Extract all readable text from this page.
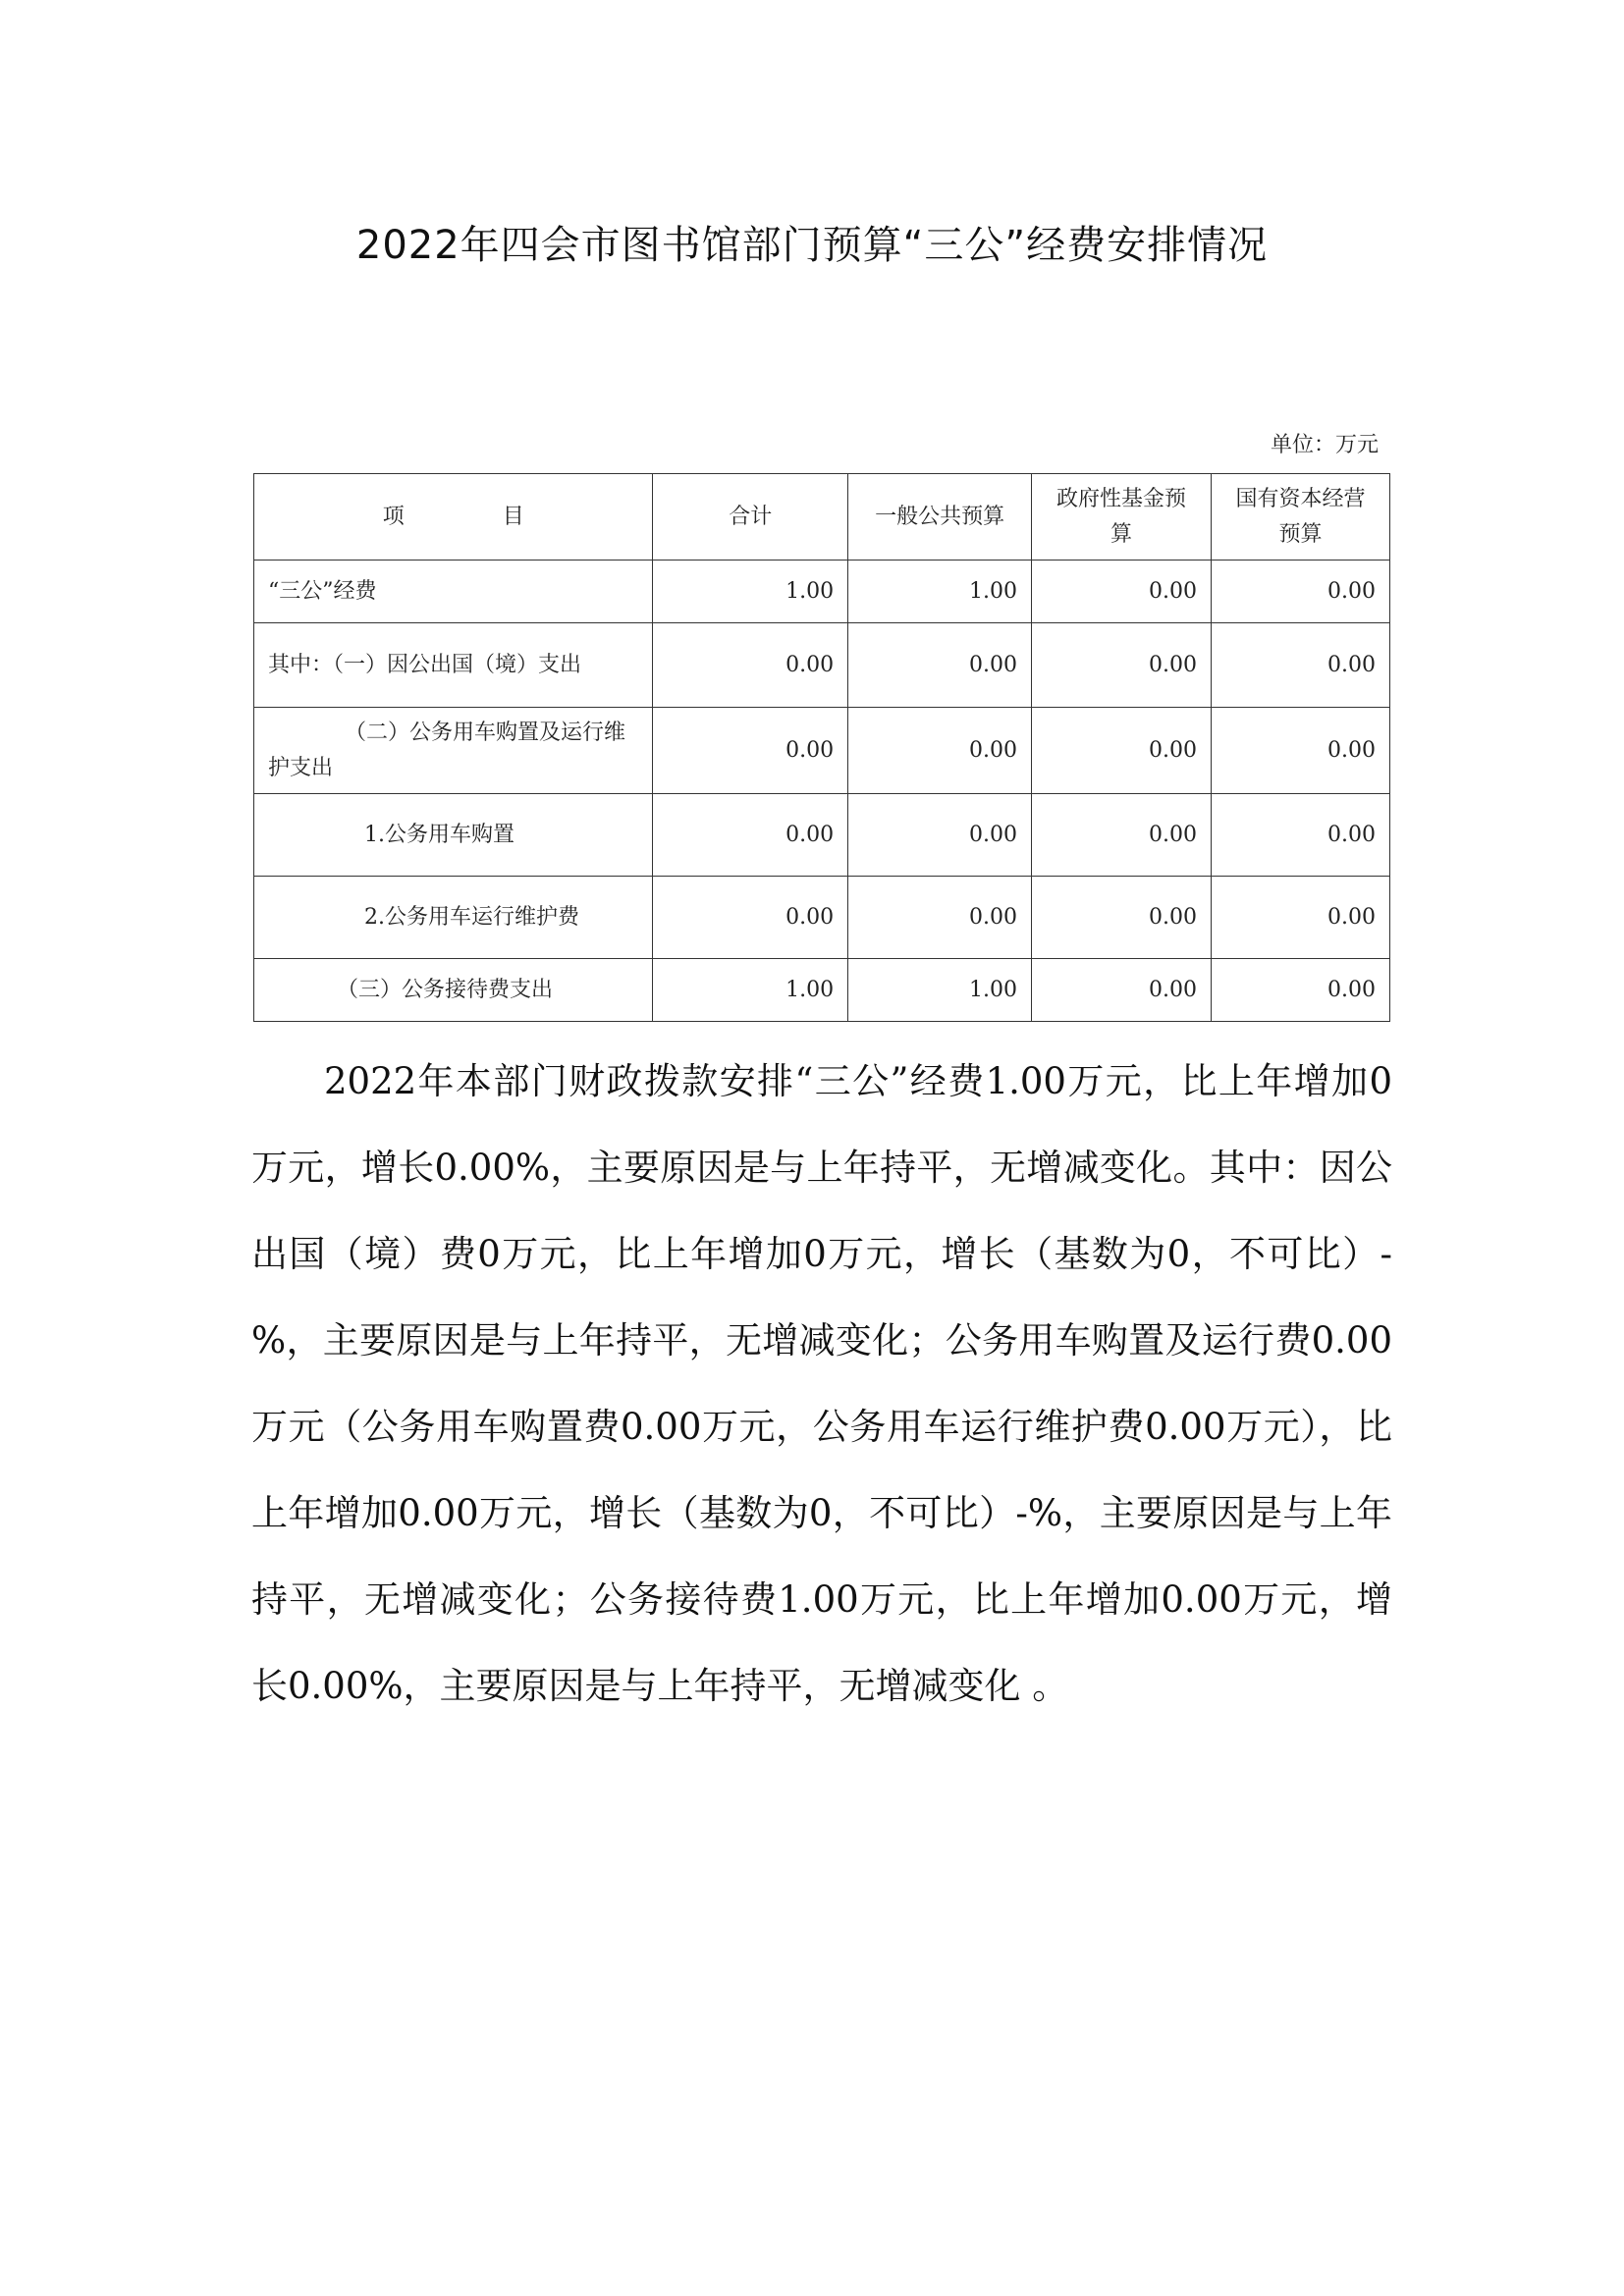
2022年四会市图书馆部门预算“三公”经费安排情况
单位：万元
项 目	合计	一般公共预算	政府性基金预算	国有资本经营预算
“三公”经费	1.00	1.00	0.00	0.00
其中：（一）因公出国（境）支出	0.00	0.00	0.00	0.00
（二）公务用车购置及运行维护支出	0.00	0.00	0.00	0.00
1.公务用车购置	0.00	0.00	0.00	0.00
2.公务用车运行维护费	0.00	0.00	0.00	0.00
（三）公务接待费支出	1.00	1.00	0.00	0.00
2022年本部门财政拨款安排“三公”经费1.00万元，比上年增加0万元，增长0.00%，主要原因是与上年持平，无增减变化。其中：因公出国（境）费0万元，比上年增加0万元，增长（基数为0，不可比）-%，主要原因是与上年持平，无增减变化；公务用车购置及运行费0.00万元（公务用车购置费0.00万元，公务用车运行维护费0.00万元），比上年增加0.00万元，增长（基数为0，不可比）-%，主要原因是与上年持平，无增减变化；公务接待费1.00万元，比上年增加0.00万元，增长0.00%，主要原因是与上年持平，无增减变化 。
